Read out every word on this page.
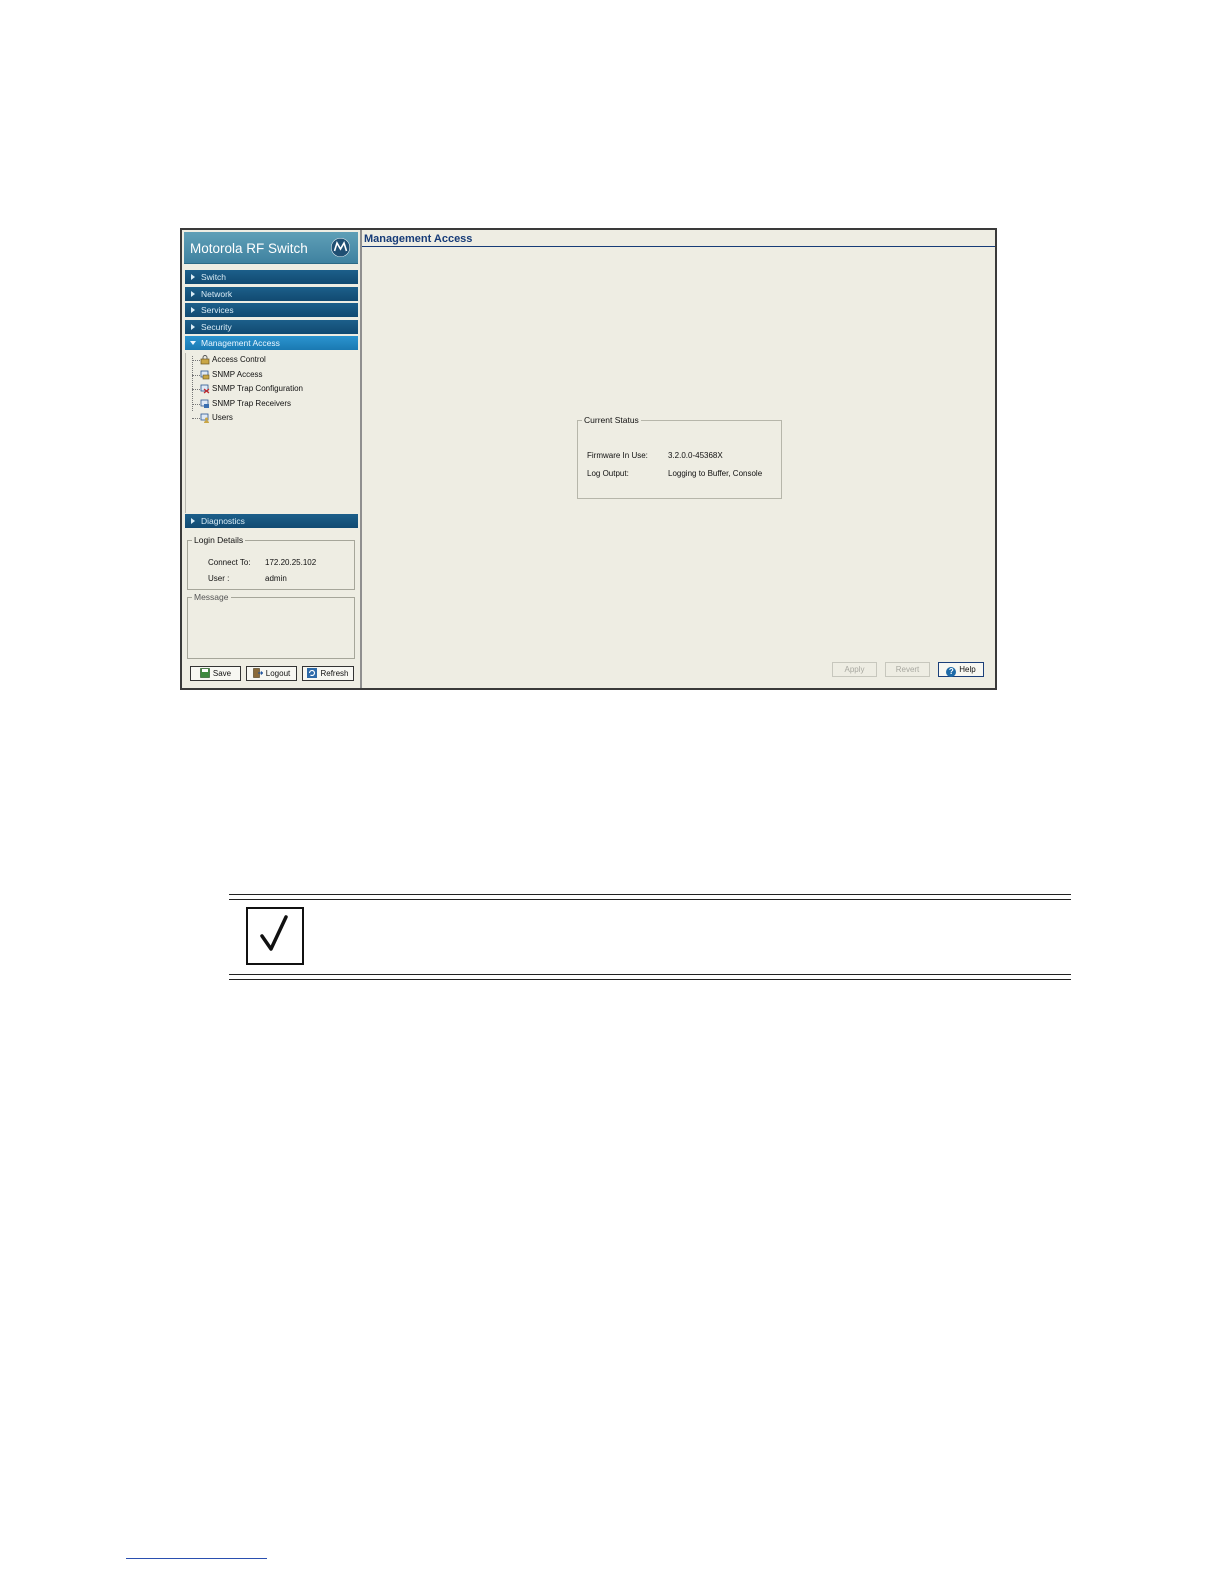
Motorola RF Switch
Switch
Network
Services
Security
Management Access
Access Control
SNMP Access
SNMP Trap Configuration
SNMP Trap Receivers
Users
Diagnostics
Login Details
Connect To: 172.20.25.102
User :	admin
Message
Save	Logout	Refresh
Management Access
Current Status
Firmware In Use:	3.2.0.0-45368X
Log Output:	Logging to Buffer, Console
Apply	Revert	? Help
